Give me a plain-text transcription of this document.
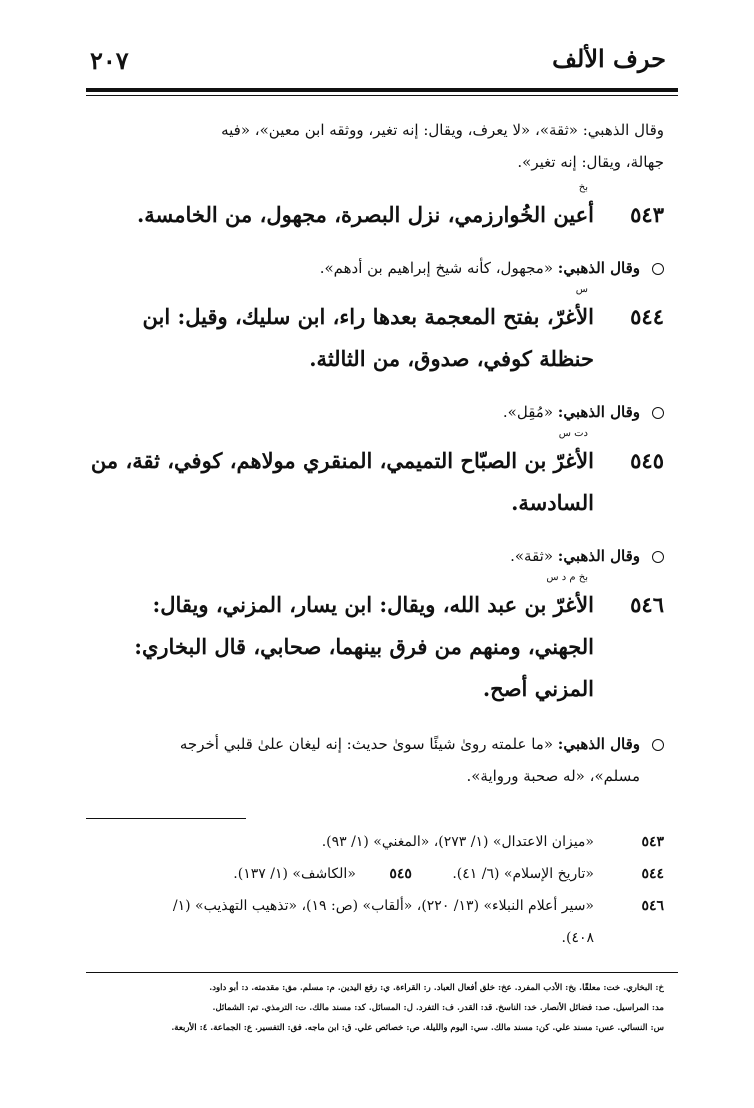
حرف الألف
٢٠٧
وقال الذهبي: «ثقة»، «لا يعرف، ويقال: إنه تغير، ووثقه ابن معين»، «فيه
جهالة، ويقال: إنه تغير».
٥٤٣
بخ
أعين الخُوارزمي، نزل البصرة، مجهول، من الخامسة.
وقال الذهبي: «مجهول، كأنه شيخ إبراهيم بن أدهم».
٥٤٤
س
الأغرّ، بفتح المعجمة بعدها راء، ابن سليك، وقيل: ابن
حنظلة كوفي، صدوق، من الثالثة.
وقال الذهبي: «مُقِل».
٥٤٥
دت س
الأغرّ بن الصبّاح التميمي، المنقري مولاهم، كوفي، ثقة، من
السادسة.
وقال الذهبي: «ثقة».
٥٤٦
بخ م د س
الأغرّ بن عبد الله، ويقال: ابن يسار، المزني، ويقال:
الجهني، ومنهم من فرق بينهما، صحابي، قال البخاري:
المزني أصح.
وقال الذهبي: «ما علمته روىٰ شيئًا سوىٰ حديث: إنه ليغان علىٰ قلبي أخرجه
مسلم»، «له صحبة ورواية».
٥٤٣
«ميزان الاعتدال» (١/ ٢٧٣)، «المغني» (١/ ٩٣).
٥٤٤
«تاريخ الإسلام» (٦/ ٤١).
٥٤٥
«الكاشف» (١/ ١٣٧).
٥٤٦
«سير أعلام النبلاء» (١٣/ ٢٢٠)، «ألقاب» (ص: ١٩)، «تذهيب التهذيب» (١/
٤٠٨).
خ: البخاري. خت: معلقًا. بخ: الأدب المفرد. عخ: خلق أفعال العباد. ر: القراءة. ي: رفع اليدين. م: مسلم. مق: مقدمته. د: أبو داود.
مد: المراسيل. صد: فضائل الأنصار. خد: الناسخ. قد: القدر. ف: التفرد. ل: المسائل. كد: مسند مالك. ت: الترمذي. تم: الشمائل.
س: النسائي. عس: مسند علي. كن: مسند مالك. سي: اليوم والليلة. ص: خصائص علي. ق: ابن ماجه. فق: التفسير. ع: الجماعة. ٤: الأربعة.
